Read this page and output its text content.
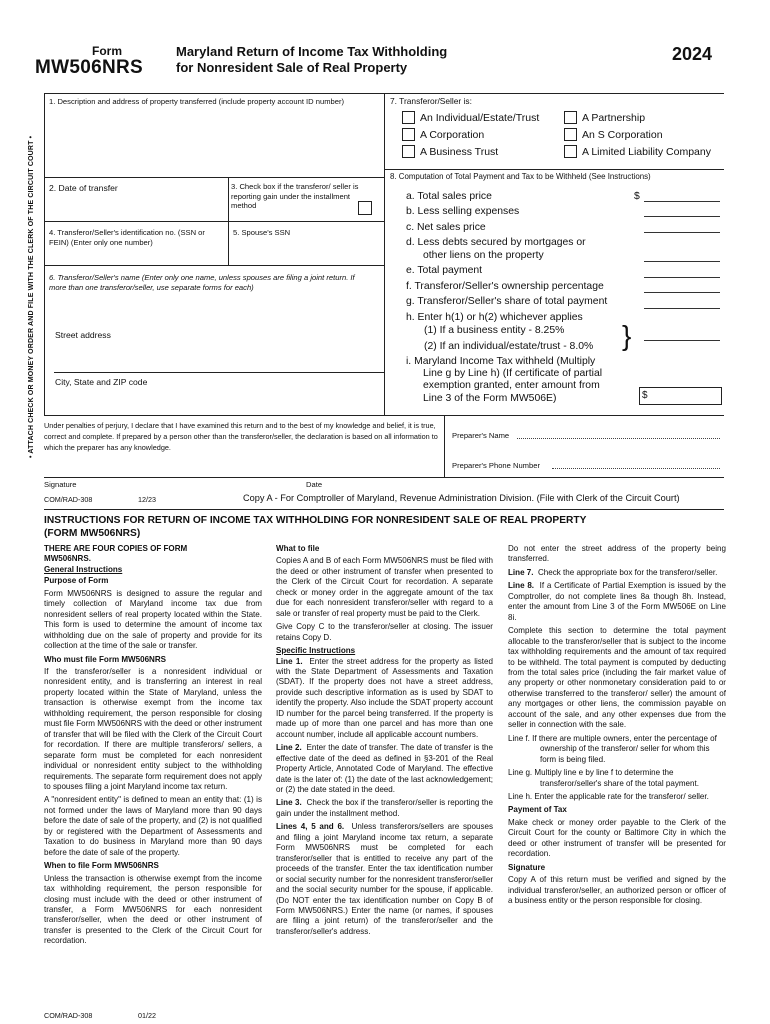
Form
MW506NRS
Maryland Return of Income Tax Withholding
for Nonresident Sale of Real Property
2024
• ATTACH CHECK OR MONEY ORDER AND FILE WITH THE CLERK OF THE CIRCUIT COURT •
1. Description and address of property transferred (include property account ID number)
2. Date of transfer	3. Check box if the transferor/ seller is reporting gain under the installment method
4. Transferor/Seller's identification no. (SSN or FEIN) (Enter only one number)
5. Spouse's SSN
6. Transferor/Seller's name (Enter only one name, unless spouses are filing a joint return. If more than one transferor/seller, use separate forms for each)
Street address
City, State and ZIP code
7. Transferor/Seller is:
An Individual/Estate/Trust	A Partnership
A Corporation	An S Corporation
A Business Trust	A Limited Liability Company
8. Computation of Total Payment and Tax to be Withheld (See Instructions)
a. Total sales price	$
b. Less selling expenses
c. Net sales price
d. Less debts secured by mortgages or
other liens on the property
e. Total payment
f. Transferor/Seller's ownership percentage
g. Transferor/Seller's share of total payment
h. Enter h(1) or h(2) whichever applies
(1) If a business entity - 8.25%
(2) If an individual/estate/trust - 8.0% }
i. Maryland Income Tax withheld (Multiply
Line g by Line h) (If certificate of partial
exemption granted, enter amount from
Line 3 of the Form MW506E)	$
Under penalties of perjury, I declare that I have examined this return and to the best of my knowledge and belief, it is true, correct and complete. If prepared by a person other than the transferor/seller, the declaration is based on all information to which the preparer has any knowledge.
Preparer's Name
Preparer's Phone Number
Signature	Date
COM/RAD-308	12/23	Copy A - For Comptroller of Maryland, Revenue Administration Division. (File with Clerk of the Circuit Court)
INSTRUCTIONS FOR RETURN OF INCOME TAX WITHHOLDING FOR NONRESIDENT SALE OF REAL PROPERTY
(FORM MW506NRS)
THERE ARE FOUR COPIES OF FORM
MW506NRS.
General Instructions
Purpose of Form

Form MW506NRS is designed to assure the regular and timely collection of Maryland income tax due from nonresident sellers of real property located within the State. This form is used to determine the amount of income tax withholding due on the sale of property and provide for its collection at the time of the sale or transfer.

Who must file Form MW506NRS

If the transferor/seller is a nonresident individual or nonresident entity, and is transferring an interest in real property located within the State of Maryland, unless the transaction is otherwise exempt from the income tax withholding requirement, the person responsible for closing must file Form MW506NRS with the deed or other instrument of transfer that will be filed with the Clerk of the Circuit Court for recordation. If there are multiple transferors/ sellers, a separate form must be completed for each nonresident individual or nonresident entity subject to the withholding requirements. The separate form requirement does not apply to spouses filing a joint Maryland income tax return.

A "nonresident entity" is defined to mean an entity that: (1) is not formed under the laws of Maryland more than 90 days before the date of sale of the property, and (2) is not qualified by or registered with the Department of Assessments and Taxation to do business in Maryland more than 90 days before the date of sale of the property.

When to file Form MW506NRS

Unless the transaction is otherwise exempt from the income tax withholding requirement, the person responsible for closing must include with the deed or other instrument of transfer, a Form MW506NRS for each nonresident transferor/seller, when the deed or other instrument of transfer is presented to the Clerk of the Circuit Court for recordation.

What to file

Copies A and B of each Form MW506NRS must be filed with the deed or other instrument of transfer when presented to the Clerk of the Circuit Court for recordation. A separate check or money order in the aggregate amount of the tax due for each nonresident transferor/seller with regard to a sale or transfer of real property must be paid to the Clerk.

Give Copy C to the transferor/seller at closing. The issuer retains Copy D.

Specific Instructions

Line 1. Enter the street address for the property as listed with the State Department of Assessments and Taxation (SDAT). If the property does not have a street address, provide such descriptive information as is used by SDAT to identify the property. Also include the SDAT property account ID number for the parcel being transferred. If the property is made up of more than one parcel and has more than one account number, include all applicable account numbers.

Line 2. Enter the date of transfer. The date of transfer is the effective date of the deed as defined in §3-201 of the Real Property Article, Annotated Code of Maryland. The effective date is the later of: (1) the date of the last acknowledgement; or (2) the date stated in the deed.

Line 3. Check the box if the transferor/seller is reporting the gain under the installment method.

Lines 4, 5 and 6. Unless transferors/sellers are spouses and filing a joint Maryland income tax return, a separate Form MW506NRS must be completed for each transferor/seller that is entitled to receive any part of the proceeds of the transfer. Enter the tax identification number or social security number for the nonresident transferor/seller and the social security number for the spouse, if applicable. (Do NOT enter the tax identification number on Copy B of Form MW506NRS.) Enter the name (or names, if spouses are filing a joint return) of the transferor/seller and the transferor/seller's address.

Do not enter the street address of the property being transferred.

Line 7. Check the appropriate box for the transferor/seller.

Line 8. If a Certificate of Partial Exemption is issued by the Comptroller, do not complete lines 8a though 8h. Instead, enter the amount from Line 3 of the Form MW506E on Line 8i.

Complete this section to determine the total payment allocable to the transferor/seller that is subject to the income tax withholding requirements and the amount of tax required to be withheld. The total payment is computed by deducting from the total sales price (including the fair market value of any property or other nonmonetary consideration paid to or otherwise transferred to the transferor/ seller) the amount of any mortgages or other liens, the commission payable on account of the sale, and any other expenses due from the seller in connection with the sale.

Line f. If there are multiple owners, enter the percentage of ownership of the transferor/ seller for whom this form is being filed.

Line g. Multiply line e by line f to determine the transferor/seller's share of the total payment.

Line h. Enter the applicable rate for the transferor/ seller.

Payment of Tax

Make check or money order payable to the Clerk of the Circuit Court for the county or Baltimore City in which the deed or other instrument of transfer will be presented for recordation.

Signature

Copy A of this return must be verified and signed by the individual transferor/seller, an authorized person or officer of a business entity or the person responsible for closing.

COM/RAD-308	01/22
